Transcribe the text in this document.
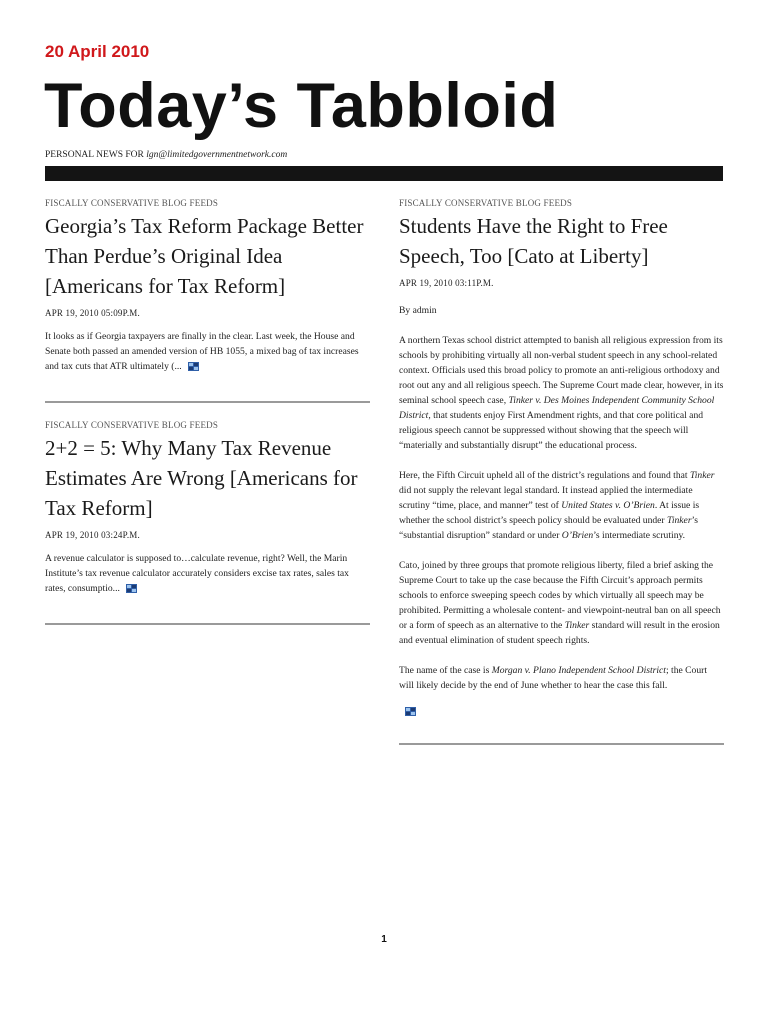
20 April 2010
Today’s Tabbloid
PERSONAL NEWS FOR lgn@limitedgovernmentnetwork.com
FISCALLY CONSERVATIVE BLOG FEEDS
Georgia’s Tax Reform Package Better Than Perdue’s Original Idea [Americans for Tax Reform]
APR 19, 2010 05:09P.M.

It looks as if Georgia taxpayers are finally in the clear. Last week, the House and Senate both passed an amended version of HB 1055, a mixed bag of tax increases and tax cuts that ATR ultimately (...

FISCALLY CONSERVATIVE BLOG FEEDS
2+2 = 5: Why Many Tax Revenue Estimates Are Wrong [Americans for Tax Reform]
APR 19, 2010 03:24P.M.

A revenue calculator is supposed to…calculate revenue, right? Well, the Marin Institute’s tax revenue calculator accurately considers excise tax rates, sales tax rates, consumptio...

FISCALLY CONSERVATIVE BLOG FEEDS
Students Have the Right to Free Speech, Too [Cato at Liberty]
APR 19, 2010 03:11P.M.

By admin

A northern Texas school district attempted to banish all religious expression from its schools by prohibiting virtually all non-verbal student speech in any school-related context. Officials used this broad policy to promote an anti-religious orthodoxy and root out any and all religious speech. The Supreme Court made clear, however, in its seminal school speech case, Tinker v. Des Moines Independent Community School District, that students enjoy First Amendment rights, and that core political and religious speech cannot be suppressed without showing that the speech will “materially and substantially disrupt” the educational process.

Here, the Fifth Circuit upheld all of the district’s regulations and found that Tinker did not supply the relevant legal standard. It instead applied the intermediate scrutiny “time, place, and manner” test of United States v. O’Brien. At issue is whether the school district’s speech policy should be evaluated under Tinker’s “substantial disruption” standard or under O’Brien’s intermediate scrutiny.

Cato, joined by three groups that promote religious liberty, filed a brief asking the Supreme Court to take up the case because the Fifth Circuit’s approach permits schools to enforce sweeping speech codes by which virtually all speech may be prohibited. Permitting a wholesale content- and viewpoint-neutral ban on all speech or a form of speech as an alternative to the Tinker standard will result in the erosion and eventual elimination of student speech rights.

The name of the case is Morgan v. Plano Independent School District; the Court will likely decide by the end of June whether to hear the case this fall.

1
